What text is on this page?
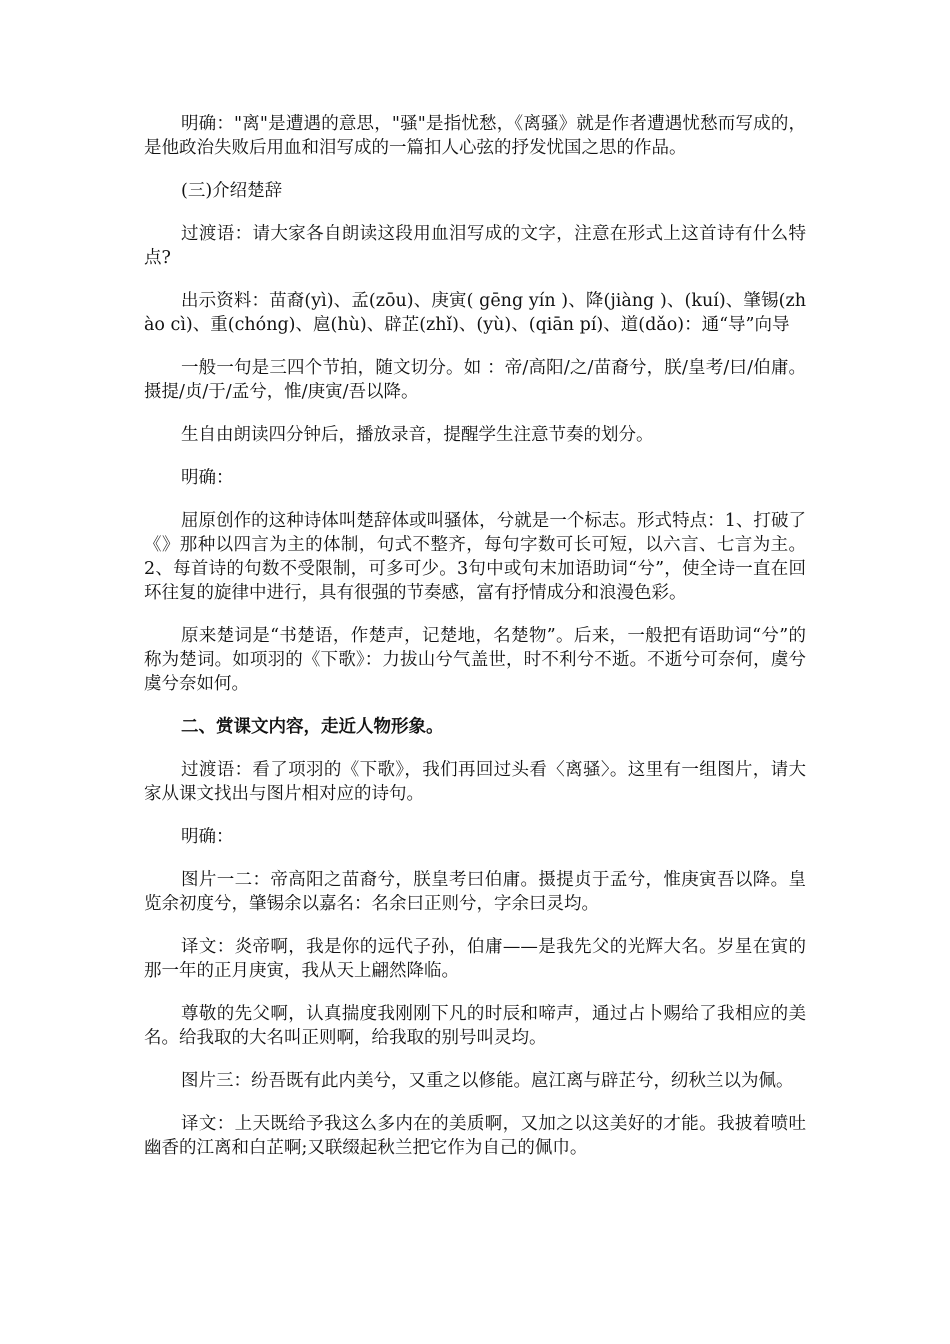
明确："离"是遭遇的意思，"骚"是指忧愁，《离骚》就是作者遭遇忧愁而写成的，是他政治失败后用血和泪写成的一篇扣人心弦的抒发忧国之思的作品。

(三)介绍楚辞

过渡语：请大家各自朗读这段用血泪写成的文字，注意在形式上这首诗有什么特点?

出示资料：苗裔(yì)、孟(zōu)、庚寅( gēng yín )、降(jiàng )、(kuí)、肇锡(zhào cì)、重(chóng)、扈(hù)、辟芷(zhǐ)、(yù)、(qiān pí)、道(dǎo)：通“导”向导

一般一句是三四个节拍，随文切分。如 ：帝/高阳/之/苗裔兮，朕/皇考/曰/伯庸。摄提/贞/于/孟兮，惟/庚寅/吾以降。

生自由朗读四分钟后，播放录音，提醒学生注意节奏的划分。

明确：

屈原创作的这种诗体叫楚辞体或叫骚体，兮就是一个标志。形式特点：1、打破了《》那种以四言为主的体制，句式不整齐，每句字数可长可短，以六言、七言为主。2、每首诗的句数不受限制，可多可少。3句中或句末加语助词“兮”，使全诗一直在回环往复的旋律中进行，具有很强的节奏感，富有抒情成分和浪漫色彩。

原来楚词是“书楚语，作楚声，记楚地，名楚物”。后来，一般把有语助词“兮”的称为楚词。如项羽的《下歌》：力拔山兮气盖世，时不利兮不逝。不逝兮可奈何，虞兮虞兮奈如何。

二、赏课文内容，走近人物形象。

过渡语：看了项羽的《下歌》，我们再回过头看〈离骚〉。这里有一组图片，请大家从课文找出与图片相对应的诗句。

明确：

图片一二：帝高阳之苗裔兮，朕皇考曰伯庸。摄提贞于孟兮，惟庚寅吾以降。皇览余初度兮，肇锡余以嘉名：名余曰正则兮，字余曰灵均。

译文：炎帝啊，我是你的远代子孙，伯庸——是我先父的光辉大名。岁星在寅的那一年的正月庚寅，我从天上翩然降临。

尊敬的先父啊，认真揣度我刚刚下凡的时辰和啼声，通过占卜赐给了我相应的美名。给我取的大名叫正则啊，给我取的别号叫灵均。

图片三：纷吾既有此内美兮，又重之以修能。扈江离与辟芷兮，纫秋兰以为佩。

译文：上天既给予我这么多内在的美质啊，又加之以这美好的才能。我披着喷吐幽香的江离和白芷啊;又联缀起秋兰把它作为自己的佩巾。
